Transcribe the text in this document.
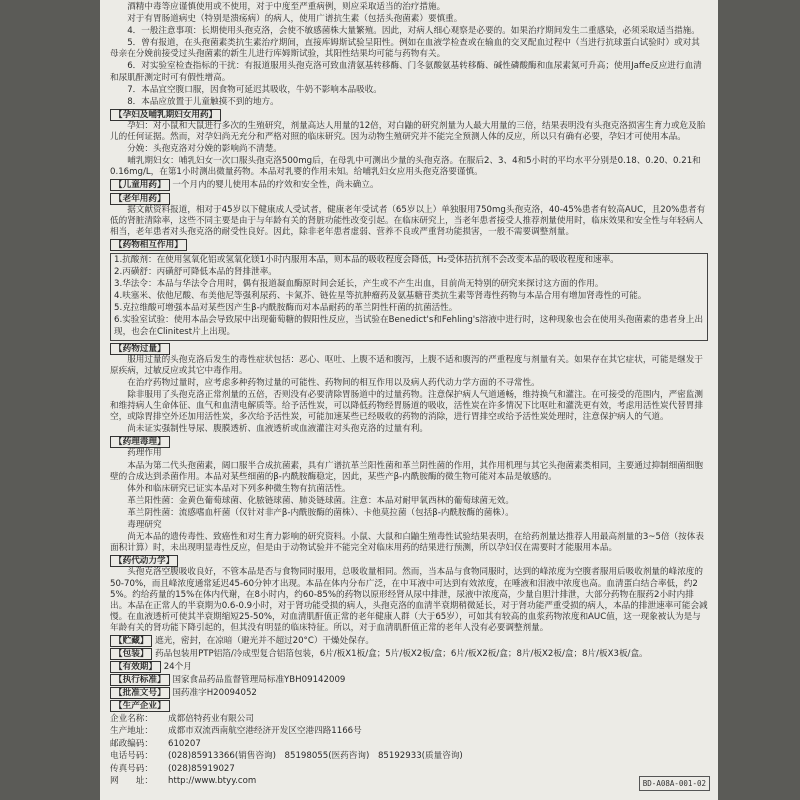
酒精中毒等应谨慎使用或不使用，对于中度至严重病例，则应采取适当的治疗措施。

对于有胃肠道病史（特别是溃疡病）的病人，使用广谱抗生素（包括头孢菌素）要慎重。

4．一般注意事项：长期使用头孢克洛，会使不敏感菌株大量繁殖。因此，对病人细心观察是必要的。如果治疗期间发生二重感染，必须采取适当措施。

5．曾有报道，在头孢菌素类抗生素治疗期间，直接库姆斯试验呈阳性。例如在血液学检查或在输血的交叉配血过程中（当进行抗球蛋白试验时）或对其母亲在分娩前接受过头孢菌素的新生儿进行库姆斯试验，其阳性结果均可能与药物有关。

6．对实验室检查指标的干扰：有报道服用头孢克洛可致血清氨基转移酶、门冬氨酸氨基转移酶、碱性磷酸酶和血尿素氮可升高；使用Jaffe反应进行血清和尿肌酐测定时可有假性增高。

7．本品宜空腹口服，因食物可延迟其吸收，牛奶不影响本品吸收。

8．本品应放置于儿童触摸不到的地方。

【孕妇及哺乳期妇女用药】

孕妇：对小鼠和大鼠进行多次的生殖研究，剂量高达人用量的12倍，对白鼬的研究剂量为人最大用量的三倍，结果表明没有头孢克洛损害生育力或危及胎儿的任何证据。然而，对孕妇尚无充分和严格对照的临床研究。因为动物生殖研究并不能完全预测人体的反应，所以只有确有必要，孕妇才可使用本品。

分娩：头孢克洛对分娩的影响尚不清楚。

哺乳期妇女：哺乳妇女一次口服头孢克洛500mg后，在母乳中可测出少量的头孢克洛。在服后2、3、4和5小时的平均水平分别是0.18、0.20、0.21和0.16mg/L，在第1小时测出微量药物。本品对乳婴的作用未知。给哺乳妇女应用头孢克洛要谨慎。

【儿童用药】 一个月内的婴儿使用本品的疗效和安全性，尚未确立。

【老年用药】

据文献资料报道，相对于45岁以下健康成人受试者，健康老年受试者（65岁以上）单独服用750mg头孢克洛，40-45%患者有较高AUC，且20%患者有低的肾脏清除率，这些不同主要是由于与年龄有关的肾脏功能性改变引起。在临床研究上，当老年患者接受人推荐剂量使用时，临床效果和安全性与年轻病人相当，老年患者对头孢克洛的耐受性良好。因此，除非老年患者虚弱、营养不良或严重肾功能损害，一般不需要调整剂量。

【药物相互作用】

1.抗酸剂：在使用氢氧化铝或氢氧化镁1小时内服用本品，则本品的吸收程度会降低，H₂受体拮抗剂不会改变本品的吸收程度和速率。

2.丙磺舒：丙磺舒可降低本品的肾排泄率。

3.华法令：本品与华法令合用时，偶有报道凝血酶原时间会延长，产生或不产生出血，目前尚无特别的研究来探讨这方面的作用。

4.呋塞米、依他尼酸、布美他尼等强利尿药、卡氮芥、链佐星等抗肿瘤药及氨基糖苷类抗生素等肾毒性药物与本品合用有增加肾毒性的可能。

5.克拉维酸可增强本品对某些因产生β-内酰胺酶而对本品耐药的革兰阴性杆菌的抗菌活性。

6.实验室试验：使用本品会导致尿中出现葡萄糖的假阳性反应，当试验在Benedict's和Fehling's溶液中进行时，这种现象也会在使用头孢菌素的患者身上出现，也会在Clinitest片上出现。

【药物过量】

服用过量的头孢克洛后发生的毒性症状包括：恶心、呕吐、上腹不适和腹泻，上腹不适和腹泻的严重程度与剂量有关。如果存在其它症状，可能是继发于原疾病，过敏反应或其它中毒作用。

在治疗药物过量时，应考虑多种药物过量的可能性、药物间的相互作用以及病人药代动力学方面的不寻常性。

除非服用了头孢克洛正常剂量的五倍，否则没有必要清除胃肠道中的过量药物。注意保护病人气道通畅，维持换气和灌注。在可接受的范围内，严密监测和维持病人生命体征、血气和血清电解质等。给予活性炭，可以降低药物经胃肠道的吸收，活性炭在许多情况下比呕吐和灌洗更有效，考虑用活性炭代替胃排空，或除胃排空外还加用活性炭，多次给予活性炭，可能加速某些已经吸收的药物的消除，进行胃排空或给予活性炭处理时，注意保护病人的气道。

尚未证实强制性导尿、腹膜透析、血液透析或血液灌注对头孢克洛的过量有利。

【药理毒理】

药理作用

本品为第二代头孢菌素，阔口服半合成抗菌素，具有广谱抗革兰阳性菌和革兰阴性菌的作用，其作用机理与其它头孢菌素类相同，主要通过抑制细菌细胞壁的合成达到杀菌作用。本品对某些细菌的β-内酰胺酶稳定，因此，某些产β-内酰胺酶的微生物可能对本品是敏感的。

体外和临床研究已证实本品对下列多种微生物有抗菌活性。

革兰阳性菌：金黄色葡萄球菌、化脓链球菌、肺炎链球菌。注意：本品对耐甲氧西林的葡萄球菌无效。

革兰阴性菌：流感嗜血杆菌（仅针对非产β-内酰胺酶的菌株）、卡他莫拉菌（包括β-内酰胺酶的菌株）。

毒理研究

尚无本品的遗传毒性、致癌性和对生育力影响的研究资料。小鼠、大鼠和白鼬生殖毒性试验结果表明，在给药剂量达推荐人用最高剂量的3~5倍（按体表面积计算）时，未出现明显毒性反应，但是由于动物试验并不能完全对临床用药的结果进行预测，所以孕妇仅在需要时才能服用本品。

【药代动力学】

头孢克洛空腹吸收良好，不管本品是否与食物同时服用，总吸收量相同。然而，当本品与食物同服时，达到的峰浓度为空腹者服用后吸收剂量的峰浓度的50-70%，而且峰浓度通常延迟45-60分钟才出现。本品在体内分布广泛，在中耳液中可达到有效浓度，在唾液和泪液中浓度也高。血清蛋白结合率低，约25%。约给药量的15%在体内代谢，在8小时内，约60-85%的药物以原形经肾从尿中排泄，尿液中浓度高，少量自胆汁排泄，大部分药物在服药2小时内排出。本品在正常人的半衰期为0.6-0.9小时，对于肾功能受损的病人，头孢克洛的血清半衰期稍微延长，对于肾功能严重受损的病人，本品的排泄速率可能会减慢。在血液透析可使其半衰期缩短25-50%，对血清肌酐值正常的老年健康人群（大于65岁），可如其有较高的血浆药物浓度和AUC值，这一现象被认为是与年龄有关的肾功能下降引起的，但其没有明显的临床特征。所以，对于血清肌酐值正常的老年人没有必要调整剂量。

【贮藏】 遮光，密封，在凉暗（避光并不超过20°C）干燥处保存。

【包装】 药品包装用PTP铝箔/冷成型复合铝箔包装，6片/板X1板/盒；5片/板X2板/盒；6片/板X2板/盒；8片/板X2板/盒；8片/板X3板/盒。

【有效期】 24个月

【执行标准】 国家食品药品监督管理局标准YBH09142009

【批准文号】 国药准字H20094052

【生产企业】
企业名称：	成都倍特药业有限公司
生产地址：	成都市双流西南航空港经济开发区空港四路1166号
邮政编码：	610207
电话号码：	(028)85913366(销售咨询)　85198055(医药咨询)　85192933(质量咨询)
传真号码：	(028)85919027
网　　址：	http://www.btyy.com	BD-A08A-001-02
